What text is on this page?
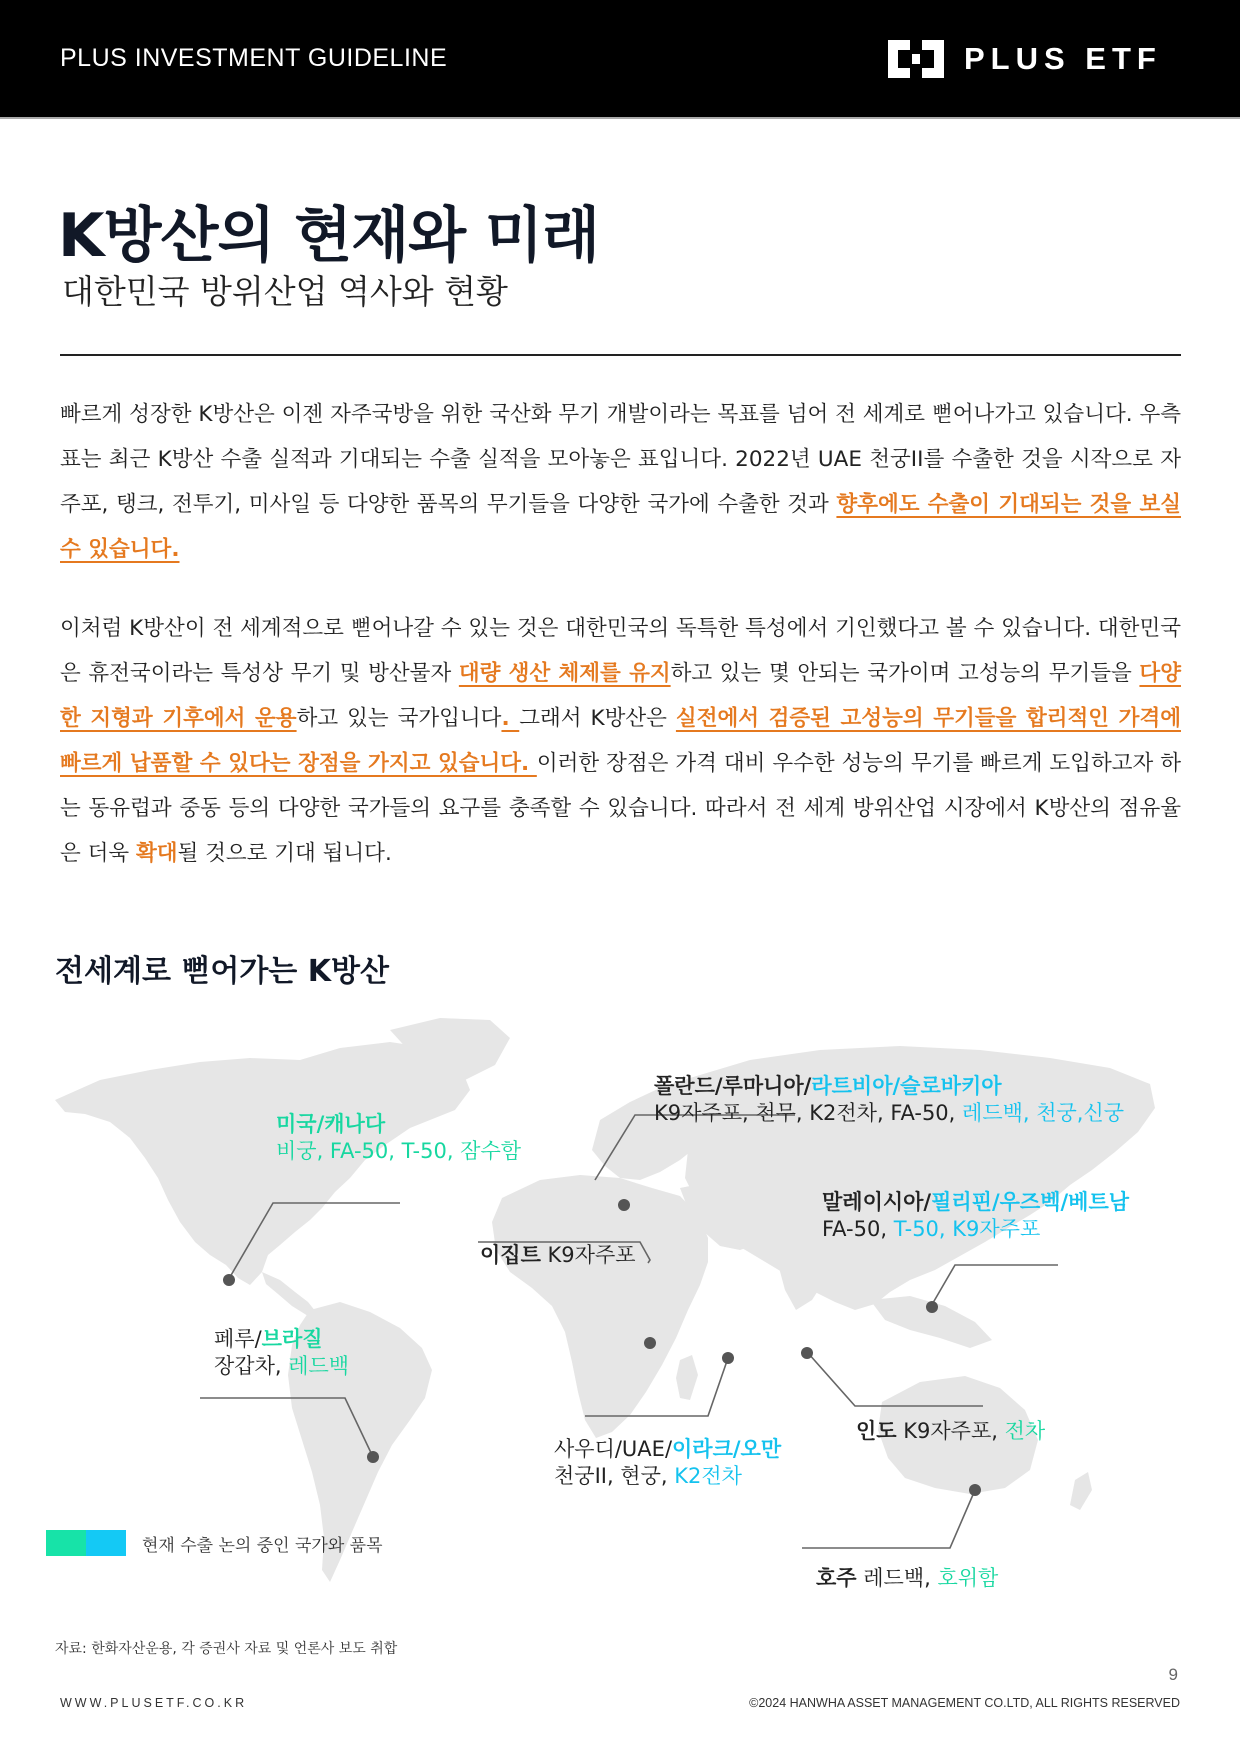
PLUS INVESTMENT GUIDELINE	PLUS ETF
K방산의 현재와 미래
대한민국 방위산업 역사와 현황

빠르게 성장한 K방산은 이젠 자주국방을 위한 국산화 무기 개발이라는 목표를 넘어 전 세계로 뻗어나가고 있습니다. 우측 표는 최근 K방산 수출 실적과 기대되는 수출 실적을 모아놓은 표입니다. 2022년 UAE 천궁II를 수출한 것을 시작으로 자주포, 탱크, 전투기, 미사일 등 다양한 품목의 무기들을 다양한 국가에 수출한 것과 향후에도 수출이 기대되는 것을 보실 수 있습니다.

이처럼 K방산이 전 세계적으로 뻗어나갈 수 있는 것은 대한민국의 독특한 특성에서 기인했다고 볼 수 있습니다. 대한민국은 휴전국이라는 특성상 무기 및 방산물자 대량 생산 체제를 유지하고 있는 몇 안되는 국가이며 고성능의 무기들을 다양한 지형과 기후에서 운용하고 있는 국가입니다. 그래서 K방산은 실전에서 검증된 고성능의 무기들을 합리적인 가격에 빠르게 납품할 수 있다는 장점을 가지고 있습니다. 이러한 장점은 가격 대비 우수한 성능의 무기를 빠르게 도입하고자 하는 동유럽과 중동 등의 다양한 국가들의 요구를 충족할 수 있습니다. 따라서 전 세계 방위산업 시장에서 K방산의 점유율은 더욱 확대될 것으로 기대 됩니다.

전세계로 뻗어가는 K방산
미국/캐나다
비궁, FA-50, T-50, 잠수함
폴란드/루마니아/라트비아/슬로바키아
K9자주포, 천무, K2전차, FA-50, 레드백, 천궁,신궁
말레이시아/필리핀/우즈벡/베트남
FA-50, T-50, K9자주포
이집트 K9자주포
페루/브라질
장갑차, 레드백
사우디/UAE/이라크/오만
천궁II, 현궁, K2전차
인도 K9자주포, 전차
호주 레드백, 호위함
현재 수출 논의 중인 국가와 품목
자료: 한화자산운용, 각 증권사 자료 및 언론사 보도 취합
9
WWW.PLUSETF.CO.KR	©2024 HANWHA ASSET MANAGEMENT CO.LTD, ALL RIGHTS RESERVED
